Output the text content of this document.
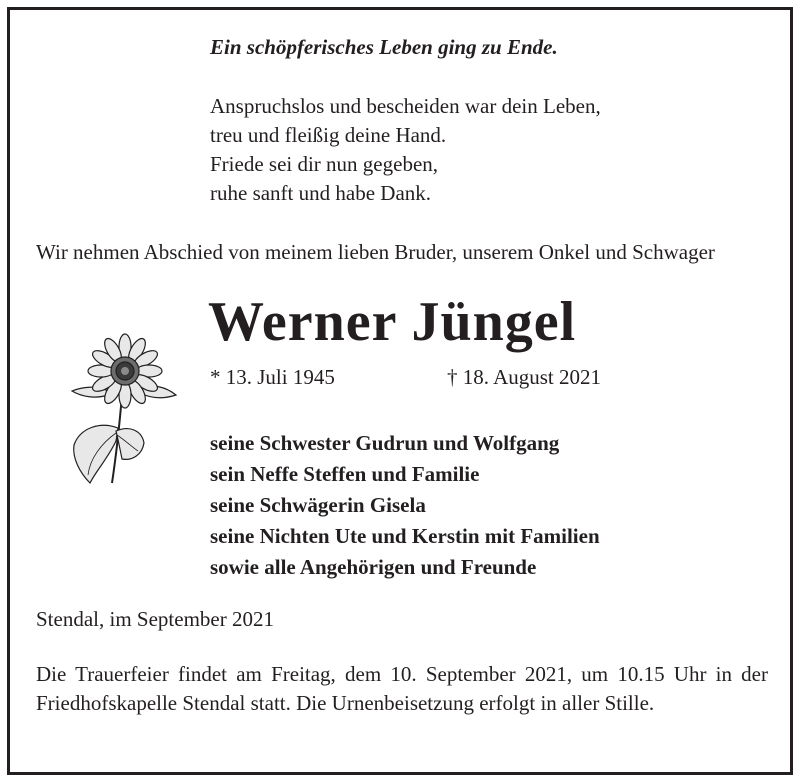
Ein schöpferisches Leben ging zu Ende.

Anspruchslos und bescheiden war dein Leben,

treu und fleißig deine Hand.

Friede sei dir nun gegeben,

ruhe sanft und habe Dank.

Wir nehmen Abschied von meinem lieben Bruder, unserem Onkel und Schwager

Werner Jüngel

* 13. Juli 1945	† 18. August 2021

seine Schwester Gudrun und Wolfgang

sein Neffe Steffen und Familie

seine Schwägerin Gisela

seine Nichten Ute und Kerstin mit Familien

sowie alle Angehörigen und Freunde

Stendal, im September 2021

Die Trauerfeier findet am Freitag, dem 10. September 2021, um 10.15 Uhr in der Friedhofskapelle Stendal statt. Die Urnenbeisetzung erfolgt in aller Stille.
